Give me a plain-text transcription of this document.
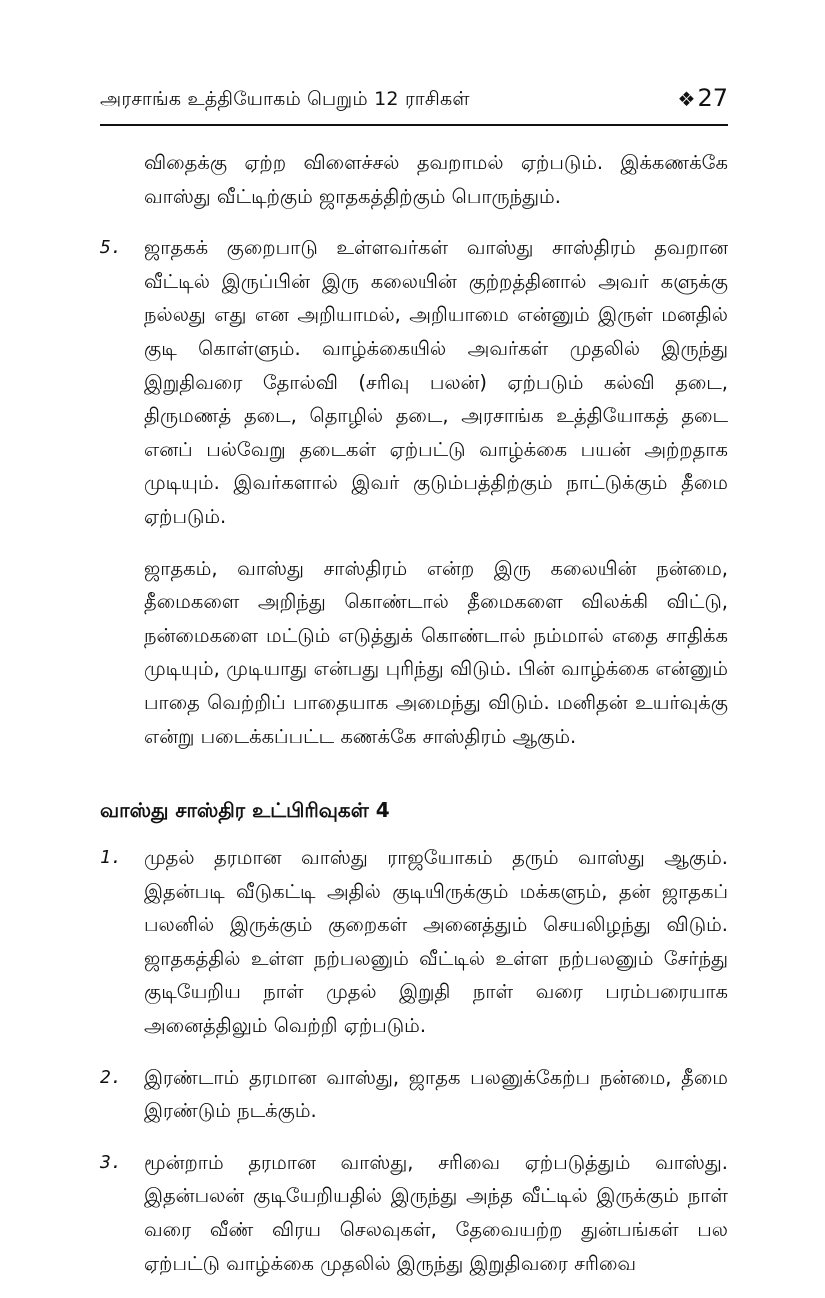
அரசாங்க உத்தியோகம் பெறும் 12 ராசிகள்	❖27

விதைக்கு ஏற்ற விளைச்சல் தவறாமல் ஏற்படும். இக்கணக்கே வாஸ்து வீட்டிற்கும் ஜாதகத்திற்கும் பொருந்தும்.

5.	ஜாதகக் குறைபாடு உள்ளவர்கள் வாஸ்து சாஸ்திரம் தவறான வீட்டில் இருப்பின் இரு கலையின் குற்றத்தினால் அவர் களுக்கு நல்லது எது என அறியாமல், அறியாமை என்னும் இருள் மனதில் குடி கொள்ளும். வாழ்க்கையில் அவர்கள் முதலில் இருந்து இறுதிவரை தோல்வி (சரிவு பலன்) ஏற்படும் கல்வி தடை, திருமணத் தடை, தொழில் தடை, அரசாங்க உத்தியோகத் தடை எனப் பல்வேறு தடைகள் ஏற்பட்டு வாழ்க்கை பயன் அற்றதாக முடியும். இவர்களால் இவர் குடும்பத்திற்கும் நாட்டுக்கும் தீமை ஏற்படும்.

ஜாதகம், வாஸ்து சாஸ்திரம் என்ற இரு கலையின் நன்மை, தீமைகளை அறிந்து கொண்டால் தீமைகளை விலக்கி விட்டு, நன்மைகளை மட்டும் எடுத்துக் கொண்டால் நம்மால் எதை சாதிக்க முடியும், முடியாது என்பது புரிந்து விடும். பின் வாழ்க்கை என்னும் பாதை வெற்றிப் பாதையாக அமைந்து விடும். மனிதன் உயர்வுக்கு என்று படைக்கப்பட்ட கணக்கே சாஸ்திரம் ஆகும்.

வாஸ்து சாஸ்திர உட்பிரிவுகள் 4
1.	முதல் தரமான வாஸ்து ராஜயோகம் தரும் வாஸ்து ஆகும். இதன்படி வீடுகட்டி அதில் குடியிருக்கும் மக்களும், தன் ஜாதகப் பலனில் இருக்கும் குறைகள் அனைத்தும் செயலிழந்து விடும். ஜாதகத்தில் உள்ள நற்பலனும் வீட்டில் உள்ள நற்பலனும் சேர்ந்து குடியேறிய நாள் முதல் இறுதி நாள் வரை பரம்பரையாக அனைத்திலும் வெற்றி ஏற்படும்.
2.	இரண்டாம் தரமான வாஸ்து, ஜாதக பலனுக்கேற்ப நன்மை, தீமை இரண்டும் நடக்கும்.
3.	மூன்றாம் தரமான வாஸ்து, சரிவை ஏற்படுத்தும் வாஸ்து. இதன்பலன் குடியேறியதில் இருந்து அந்த வீட்டில் இருக்கும் நாள் வரை வீண் விரய செலவுகள், தேவையற்ற துன்பங்கள் பல ஏற்பட்டு வாழ்க்கை முதலில் இருந்து இறுதிவரை சரிவை
